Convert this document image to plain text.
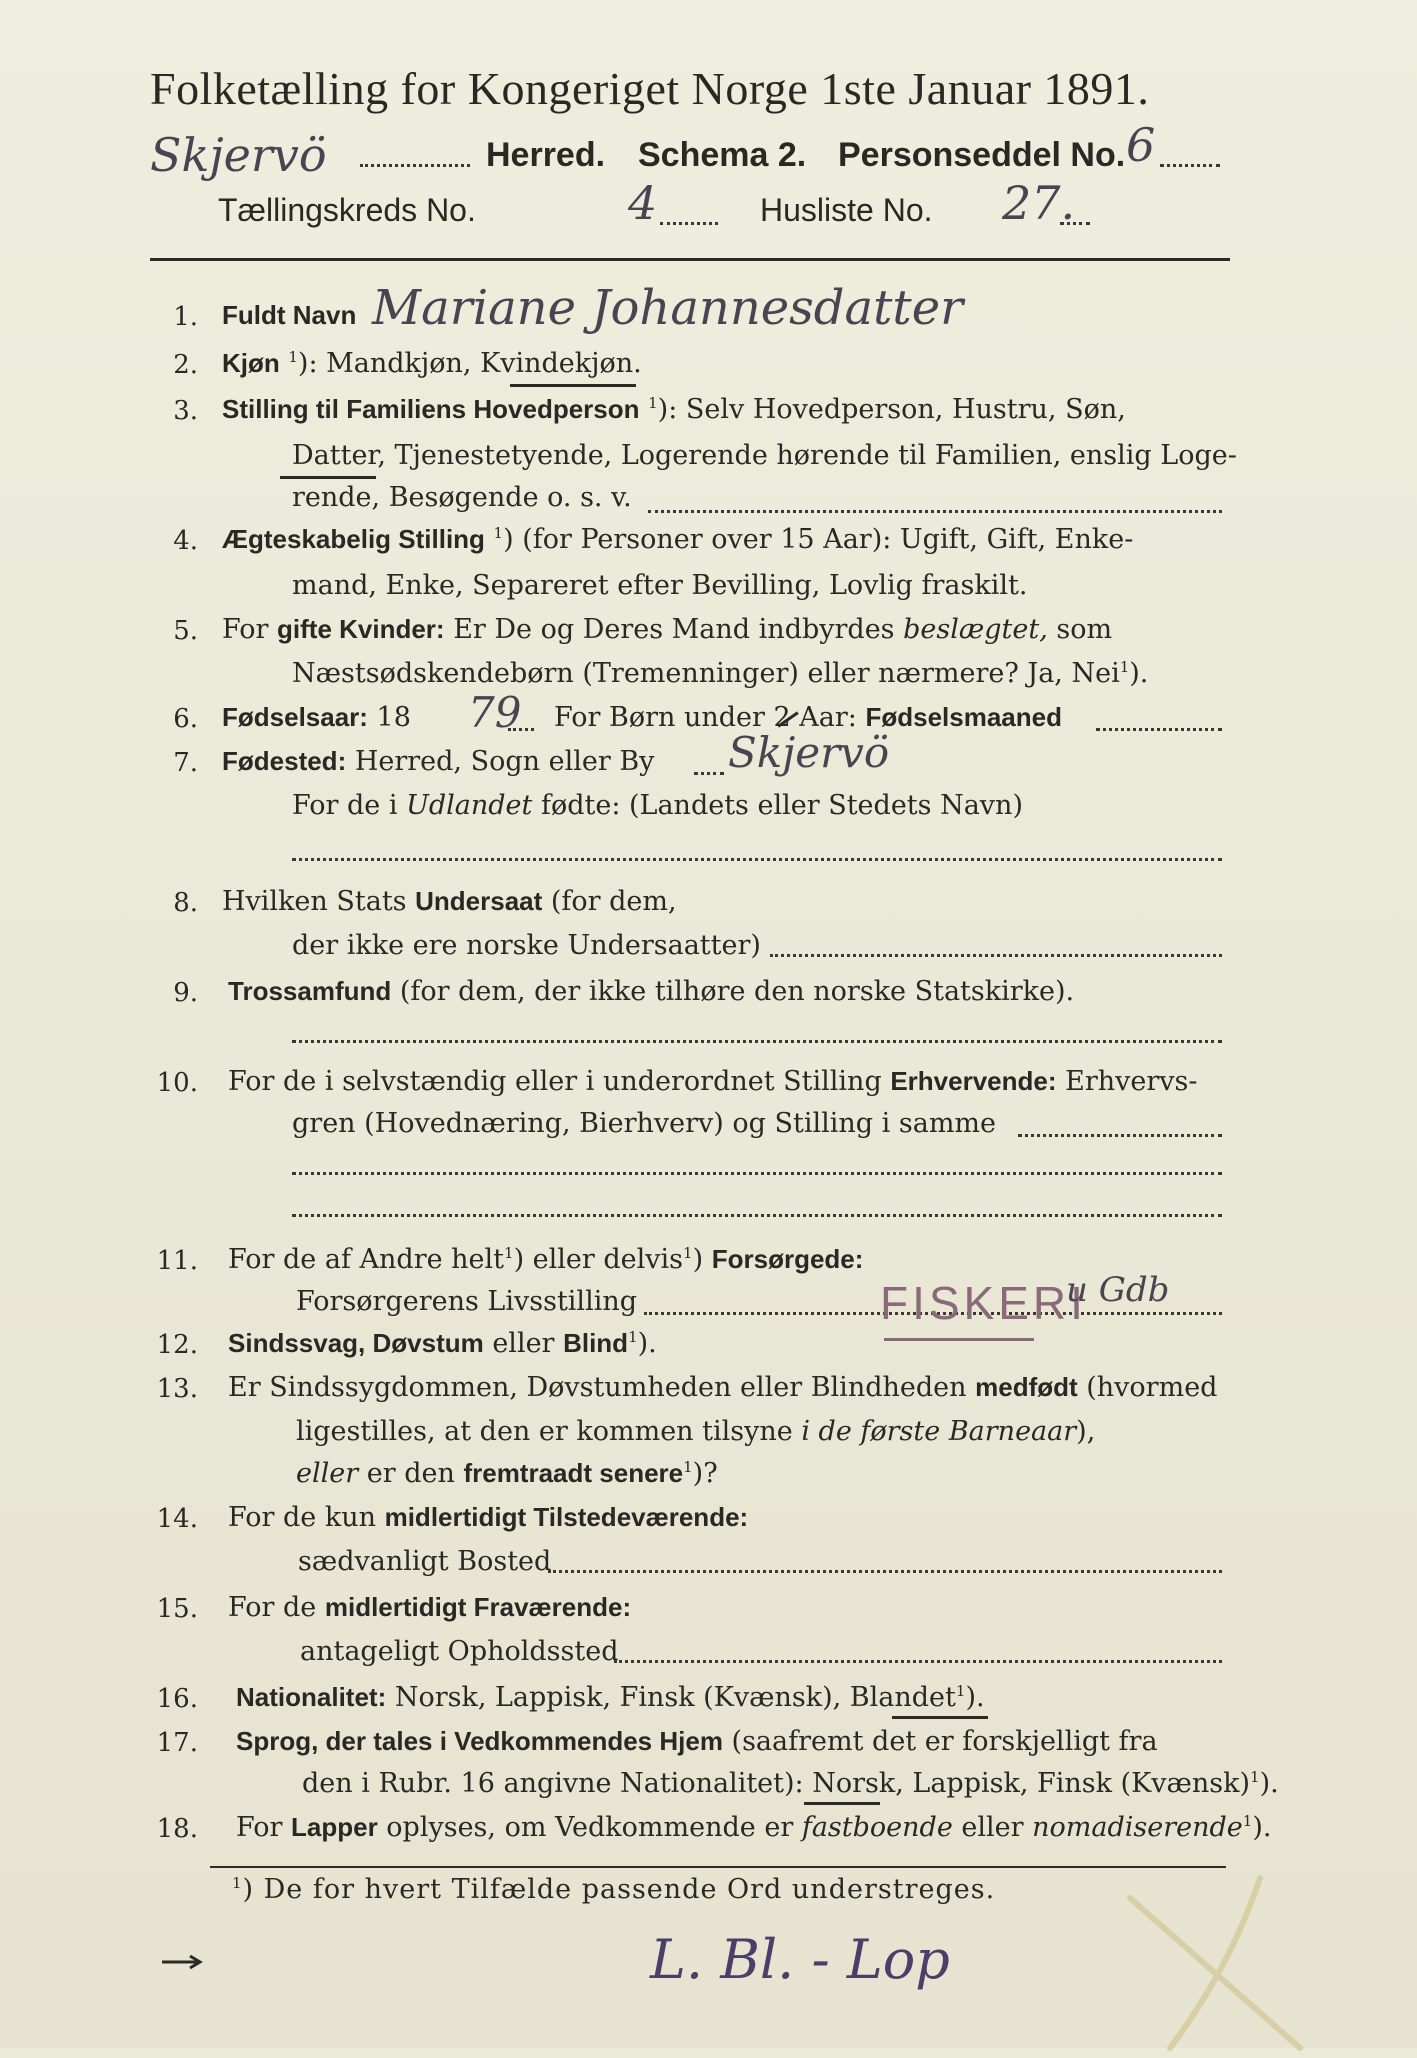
Folketælling for Kongeriget Norge 1ste Januar 1891.
Skjervö	Herred. Schema 2. Personseddel No. 6
Tællingskreds No.	4	Husliste No. 27.
1. Fuldt Navn Mariane Johannesdatter
2. Kjøn $^1$): Mandkjøn, Kvindekjøn.
3. Stilling til Familiens Hovedperson $^1$): Selv Hovedperson, Hustru, Søn,
Datter, Tjenestetyende, Logerende hørende til Familien, enslig Loge-
rende, Besøgende o. s. v.
4. Ægteskabelig Stilling $^1$) (for Personer over 15 Aar): Ugift, Gift, Enke-
mand, Enke, Separeret efter Bevilling, Lovlig fraskilt.
5. For gifte Kvinder: Er De og Deres Mand indbyrdes beslægtet, som
Næstsødskendebørn (Tremenninger) eller nærmere? Ja, Nei$^1$).
6. Fødselsaar: 18 79 For Børn under 2 Aar: Fødselsmaaned
7. Fødested: Herred, Sogn eller By Skjervö
For de i Udlandet fødte: (Landets eller Stedets Navn)
8. Hvilken Stats Undersaat (for dem,
der ikke ere norske Undersaatter)
9. Trossamfund (for dem, der ikke tilhøre den norske Statskirke).
10. For de i selvstændig eller i underordnet Stilling Erhvervende: Erhvervs-
gren (Hovednæring, Bierhverv) og Stilling i samme
11. For de af Andre helt$^1$) eller delvis$^1$) Forsørgede:
Forsørgerens Livsstilling	FISKERI
u Gdb
12. Sindssvag, Døvstum eller Blind$^1$).
13. Er Sindssygdommen, Døvstumheden eller Blindheden medfødt (hvormed
ligestilles, at den er kommen tilsyne i de første Barneaar),
eller er den fremtraadt senere$^1$)?
14. For de kun midlertidigt Tilstedeværende:
sædvanligt Bosted
15. For de midlertidigt Fraværende:
antageligt Opholdssted
16. Nationalitet: Norsk, Lappisk, Finsk (Kvænsk), Blandet$^1$).
17. Sprog, der tales i Vedkommendes Hjem (saafremt det er forskjelligt fra
den i Rubr. 16 angivne Nationalitet): Norsk, Lappisk, Finsk (Kvænsk)$^1$).
18. For Lapper oplyses, om Vedkommende er fastboende eller nomadiserende$^1$).
$^1$) De for hvert Tilfælde passende Ord understreges.
L. Bl. - Lop
